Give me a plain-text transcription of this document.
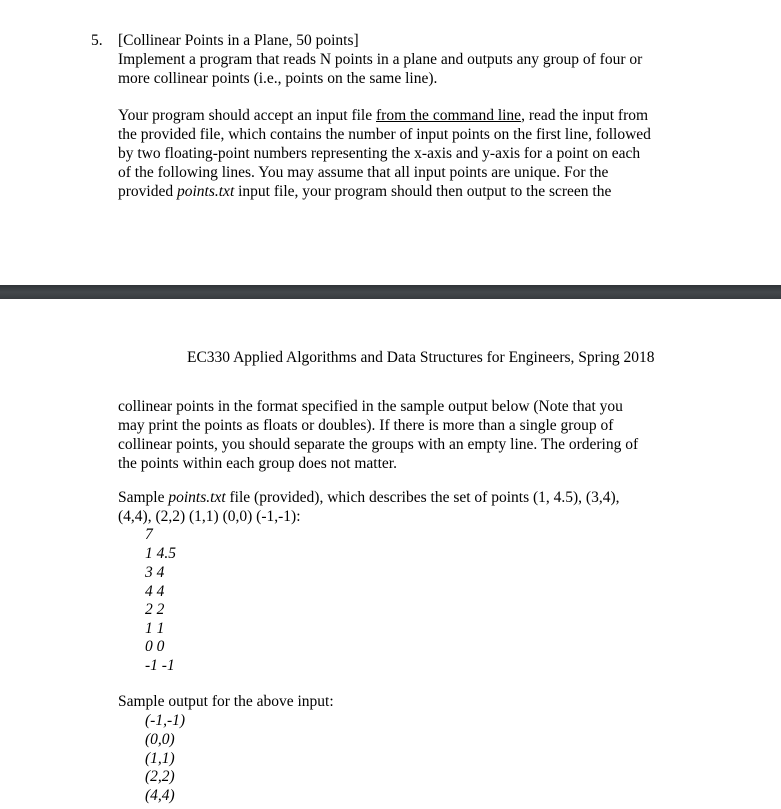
5. [Collinear Points in a Plane, 50 points]
Implement a program that reads N points in a plane and outputs any group of four or
more collinear points (i.e., points on the same line).
Your program should accept an input file from the command line, read the input from
the provided file, which contains the number of input points on the first line, followed
by two floating-point numbers representing the x-axis and y-axis for a point on each
of the following lines. You may assume that all input points are unique. For the
provided points.txt input file, your program should then output to the screen the
EC330 Applied Algorithms and Data Structures for Engineers, Spring 2018
collinear points in the format specified in the sample output below (Note that you
may print the points as floats or doubles). If there is more than a single group of
collinear points, you should separate the groups with an empty line. The ordering of
the points within each group does not matter.
Sample points.txt file (provided), which describes the set of points (1, 4.5), (3,4),
(4,4), (2,2) (1,1) (0,0) (-1,-1):
7
1 4.5
3 4
4 4
2 2
1 1
0 0
-1 -1
Sample output for the above input:
(-1,-1)
(0,0)
(1,1)
(2,2)
(4,4)
